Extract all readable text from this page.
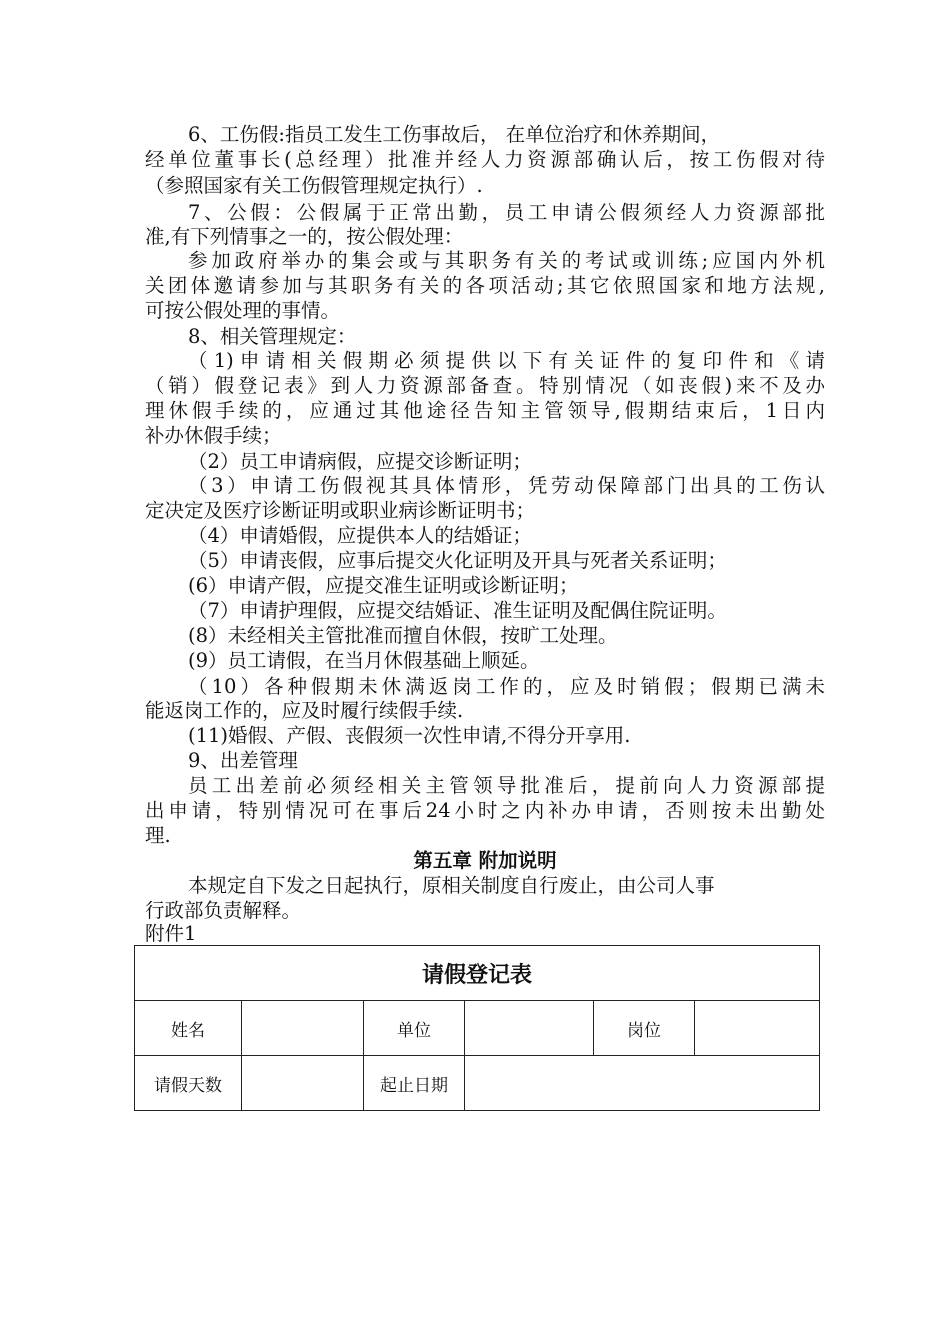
6、工伤假:指员工发生工伤事故后， 在单位治疗和休养期间，
经单位董事长(总经理）批准并经人力资源部确认后，按工伤假对待
（参照国家有关工伤假管理规定执行）.
7、公假：公假属于正常出勤，员工申请公假须经人力资源部批
准,有下列情事之一的，按公假处理：
参加政府举办的集会或与其职务有关的考试或训练;应国内外机
关团体邀请参加与其职务有关的各项活动;其它依照国家和地方法规,
可按公假处理的事情。
8、相关管理规定：
（1)申请相关假期必须提供以下有关证件的复印件和《请
（销）假登记表》到人力资源部备查。特别情况（如丧假)来不及办
理休假手续的，应通过其他途径告知主管领导,假期结束后，1日内
补办休假手续；
（2）员工申请病假，应提交诊断证明；
（3）申请工伤假视其具体情形，凭劳动保障部门出具的工伤认
定决定及医疗诊断证明或职业病诊断证明书；
（4）申请婚假，应提供本人的结婚证；
（5）申请丧假，应事后提交火化证明及开具与死者关系证明；
(6）申请产假，应提交准生证明或诊断证明；
（7）申请护理假，应提交结婚证、准生证明及配偶住院证明。
(8）未经相关主管批准而擅自休假，按旷工处理。
(9）员工请假，在当月休假基础上顺延。
（10）各种假期未休满返岗工作的，应及时销假；假期已满未
能返岗工作的，应及时履行续假手续.
(11)婚假、产假、丧假须一次性申请,不得分开享用.
9、出差管理
员工出差前必须经相关主管领导批准后，提前向人力资源部提
出申请，特别情况可在事后24小时之内补办申请，否则按未出勤处
理.
第五章 附加说明
本规定自下发之日起执行，原相关制度自行废止，由公司人事
行政部负责解释。
附件1
请假登记表					
姓名		单位		岗位	
请假天数		起止日期			
